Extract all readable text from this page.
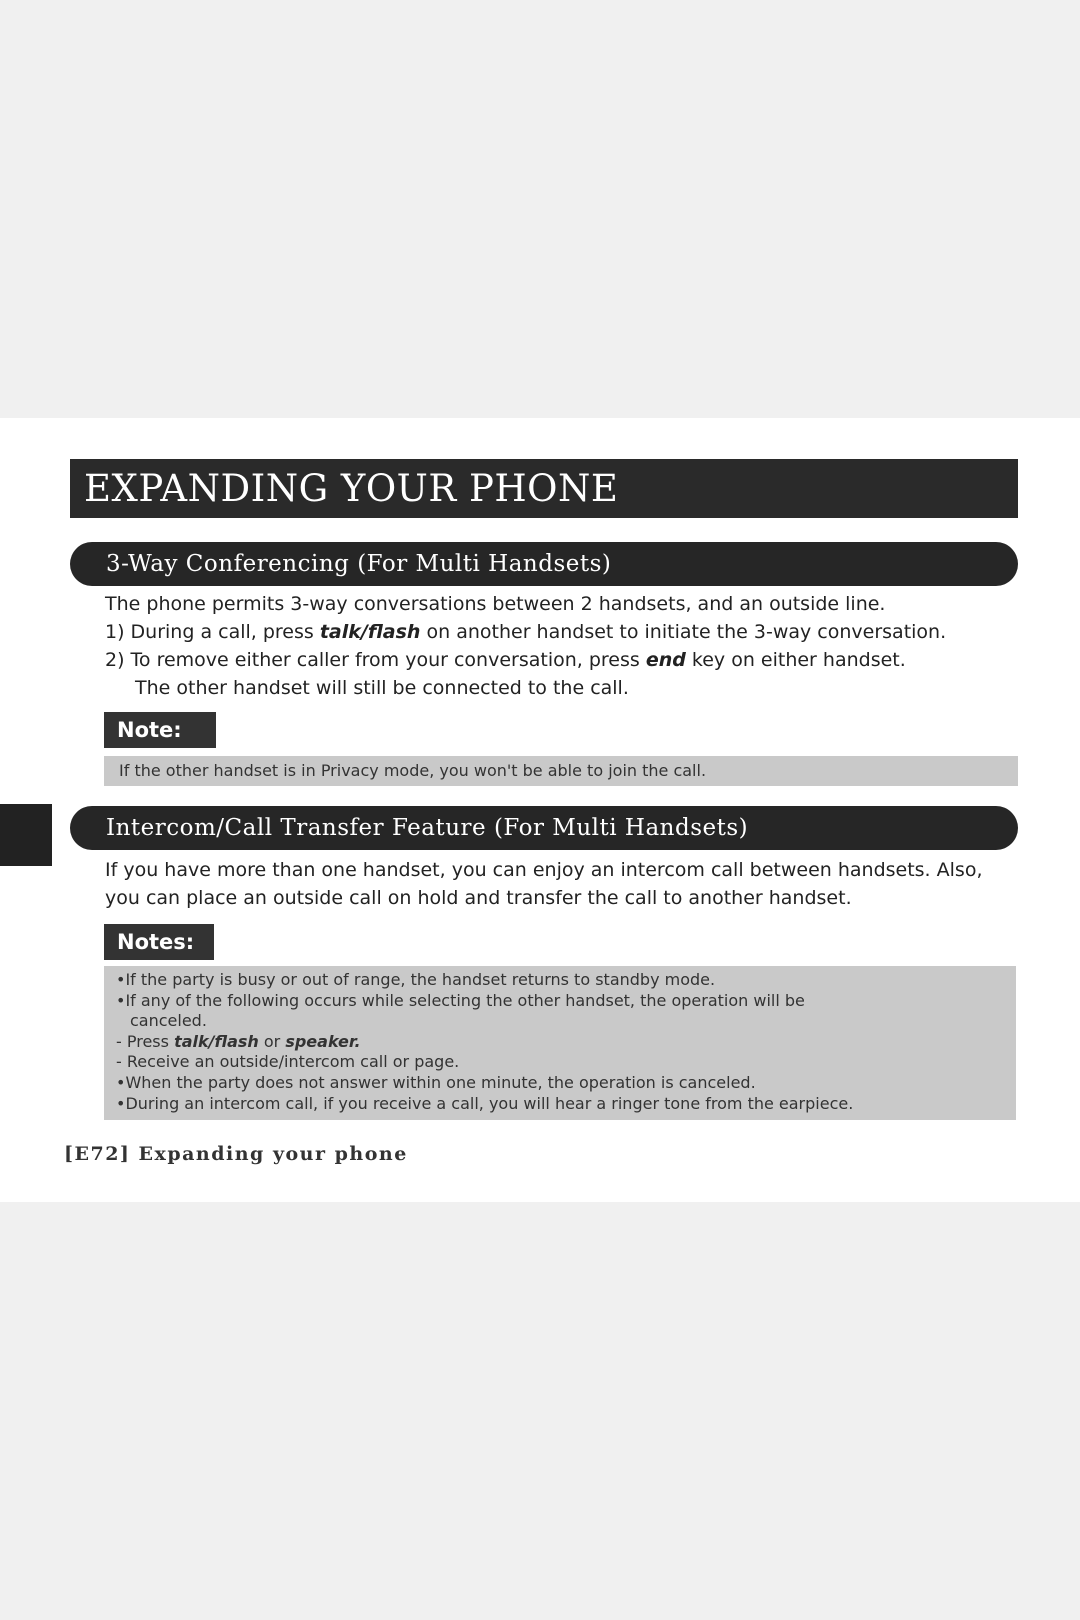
EXPANDING YOUR PHONE
3-Way Conferencing (For Multi Handsets)
The phone permits 3-way conversations between 2 handsets, and an outside line.
1) During a call, press talk/flash on another handset to initiate the 3-way conversation.
2) To remove either caller from your conversation, press end key on either handset.
The other handset will still be connected to the call.
Note:
If the other handset is in Privacy mode, you won't be able to join the call.
Intercom/Call Transfer Feature (For Multi Handsets)
If you have more than one handset, you can enjoy an intercom call between handsets. Also,
you can place an outside call on hold and transfer the call to another handset.
Notes:
•If the party is busy or out of range, the handset returns to standby mode.
•If any of the following occurs while selecting the other handset, the operation will be
canceled.
- Press talk/flash or speaker.
- Receive an outside/intercom call or page.
•When the party does not answer within one minute, the operation is canceled.
•During an intercom call, if you receive a call, you will hear a ringer tone from the earpiece.
[E72] Expanding your phone
